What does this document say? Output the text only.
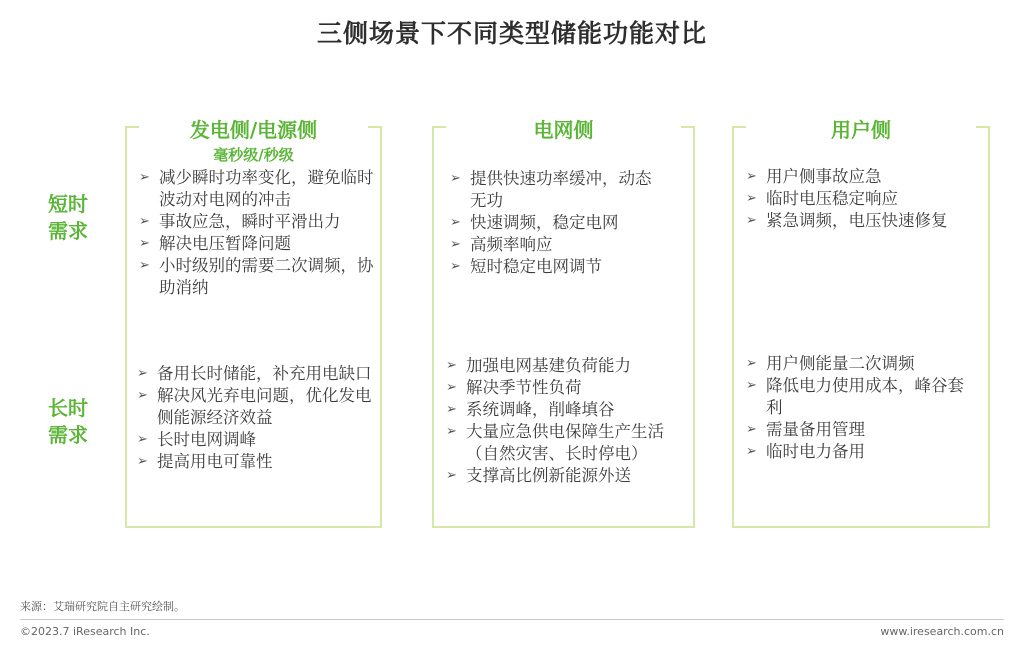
三侧场景下不同类型储能功能对比
短时
需求
长时
需求
发电侧/电源侧
毫秒级/秒级
➢ 减少瞬时功率变化，避免临时波动对电网的冲击
➢ 事故应急，瞬时平滑出力
➢ 解决电压暂降问题
➢ 小时级别的需要二次调频，协助消纳
➢ 备用长时储能，补充用电缺口
➢ 解决风光弃电问题，优化发电侧能源经济效益
➢ 长时电网调峰
➢ 提高用电可靠性
电网侧
➢ 提供快速功率缓冲，动态无功
➢ 快速调频，稳定电网
➢ 高频率响应
➢ 短时稳定电网调节
➢ 加强电网基建负荷能力
➢ 解决季节性负荷
➢ 系统调峰，削峰填谷
➢ 大量应急供电保障生产生活（自然灾害、长时停电）
➢ 支撑高比例新能源外送
用户侧
➢ 用户侧事故应急
➢ 临时电压稳定响应
➢ 紧急调频，电压快速修复
➢ 用户侧能量二次调频
➢ 降低电力使用成本，峰谷套利
➢ 需量备用管理
➢ 临时电力备用
来源：艾瑞研究院自主研究绘制。
©2023.7 iResearch Inc.	www.iresearch.com.cn
